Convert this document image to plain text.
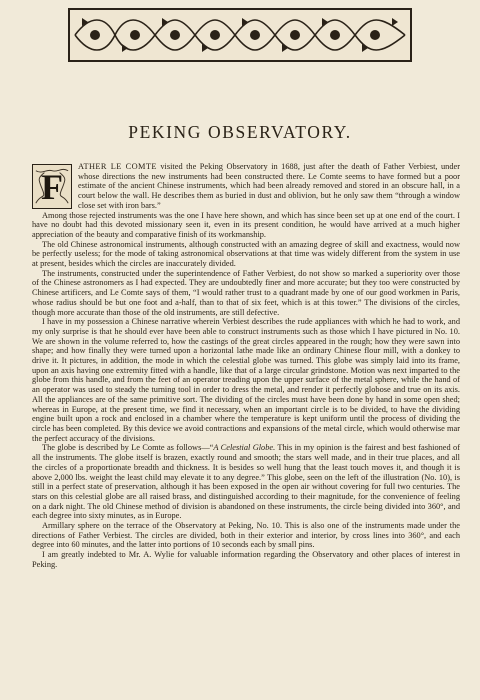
PEKING OBSERVATORY.

F
ATHER LE COMTE visited the Peking Observatory in 1688, just after the death of Father Verbiest, under whose directions the new instruments had been constructed there. Le Comte seems to have formed but a poor estimate of the ancient Chinese instruments, which had been already removed and stored in an obscure hall, in a court below the wall. He describes them as buried in dust and oblivion, but he only saw them “through a window close set with iron bars.”

Among those rejected instruments was the one I have here shown, and which has since been set up at one end of the court. I have no doubt had this devoted missionary seen it, even in its present condition, he would have arrived at a much higher appreciation of the beauty and comparative finish of its workmanship.

The old Chinese astronomical instruments, although constructed with an amazing degree of skill and exactness, would now be perfectly useless; for the mode of taking astronomical observations at that time was widely different from the system in use at present, besides which the circles are inaccurately divided.

The instruments, constructed under the superintendence of Father Verbiest, do not show so marked a superiority over those of the Chinese astronomers as I had expected. They are undoubtedly finer and more accurate; but they too were constructed by Chinese artificers, and Le Comte says of them, “I would rather trust to a quadrant made by one of our good workmen in Paris, whose radius should be but one foot and a-half, than to that of six feet, which is at this tower.” The divisions of the circles, though more accurate than those of the old instruments, are still defective.

I have in my possession a Chinese narrative wherein Verbiest describes the rude appliances with which he had to work, and my only surprise is that he should ever have been able to construct instruments such as those which I have pictured in No. 10. We are shown in the volume referred to, how the castings of the great circles appeared in the rough; how they were sawn into shape; and how finally they were turned upon a horizontal lathe made like an ordinary Chinese flour mill, with a donkey to drive it. It pictures, in addition, the mode in which the celestial globe was turned. This globe was simply laid into its frame, upon an axis having one extremity fitted with a handle, like that of a large circular grindstone. Motion was next imparted to the globe from this handle, and from the feet of an operator treading upon the upper surface of the metal sphere, while the hand of an operator was used to steady the turning tool in order to dress the metal, and render it perfectly globose and true on its axis. All the appliances are of the same primitive sort. The dividing of the circles must have been done by hand in some open shed; whereas in Europe, at the present time, we find it necessary, when an important circle is to be divided, to have the dividing engine built upon a rock and enclosed in a chamber where the temperature is kept uniform until the process of dividing the circle has been completed. By this device we avoid contractions and expansions of the metal circle, which would otherwise mar the perfect accuracy of the divisions.

The globe is described by Le Comte as follows—“A Celestial Globe. This in my opinion is the fairest and best fashioned of all the instruments. The globe itself is brazen, exactly round and smooth; the stars well made, and in their true places, and all the circles of a proportionate breadth and thickness. It is besides so well hung that the least touch moves it, and though it is above 2,000 lbs. weight the least child may elevate it to any degree.” This globe, seen on the left of the illustration (No. 10), is still in a perfect state of preservation, although it has been exposed in the open air without covering for full two centuries. The stars on this celestial globe are all raised brass, and distinguished according to their magnitude, for the convenience of feeling on a dark night. The old Chinese method of division is abandoned on these instruments, the circle being divided into 360°, and each degree into sixty minutes, as in Europe.

Armillary sphere on the terrace of the Observatory at Peking, No. 10. This is also one of the instruments made under the directions of Father Verbiest. The circles are divided, both in their exterior and interior, by cross lines into 360°, and each degree into 60 minutes, and the latter into portions of 10 seconds each by small pins.

I am greatly indebted to Mr. A. Wylie for valuable information regarding the Observatory and other places of interest in Peking.
